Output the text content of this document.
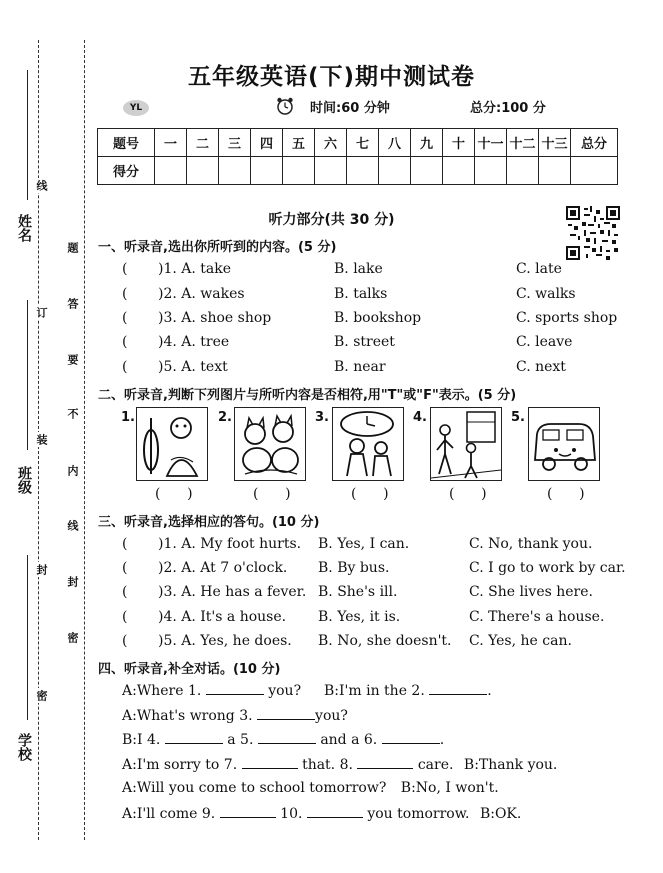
姓名
班级
学校
线
订
装
封
密
题
答
要
不
内
线
封
密
五年级英语(下)期中测试卷
YL	时间:60 分钟	总分:100 分
题号	一	二	三	四	五	六	七	八	九	十	十一	十二	十三	总分
得分														
听力部分(共 30 分)
一、听录音,选出你所听到的内容。(5 分)
( )1. A. take	B. lake	C. late
( )2. A. wakes	B. talks	C. walks
( )3. A. shoe shop	B. bookshop	C. sports shop
( )4. A. tree	B. street	C. leave
( )5. A. text	B. near	C. next
二、听录音,判断下列图片与所听内容是否相符,用"T"或"F"表示。(5 分)
1.	2.	3.	4.	5.
(      )	(      )	(      )	(      )	(      )
三、听录音,选择相应的答句。(10 分)
( )1. A. My foot hurts. B. Yes, I can.	C. No, thank you.
( )2. A. At 7 o'clock. B. By bus.	C. I go to work by car.
( )3. A. He has a fever. B. She's ill.	C. She lives here.
( )4. A. It's a house. B. Yes, it is.	C. There's a house.
( )5. A. Yes, he does. B. No, she doesn't. C. Yes, he can.
四、听录音,补全对话。(10 分)
A:Where 1.	you? B:I'm in the 2.	.
A:What's wrong 3.	you?
B:I 4.	a 5.	and a 6.	.
A:I'm sorry to 7.	that. 8.	care. B:Thank you.
A:Will you come to school tomorrow? B:No, I won't.
A:I'll come 9.	10.	you tomorrow. B:OK.
